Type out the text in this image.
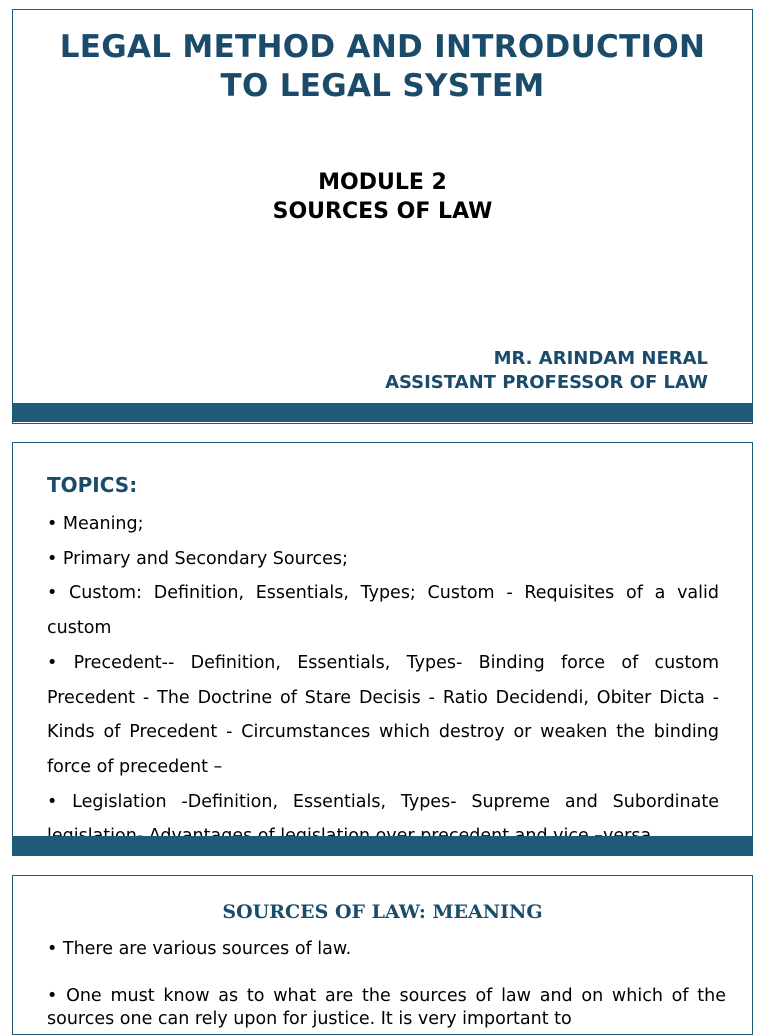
LEGAL METHOD AND INTRODUCTION
TO LEGAL SYSTEM
MODULE 2
SOURCES OF LAW
MR. ARINDAM NERAL
ASSISTANT PROFESSOR OF LAW
TOPICS:

• Meaning;

• Primary and Secondary Sources;

• Custom: Definition, Essentials, Types; Custom - Requisites of a valid custom

• Precedent-- Definition, Essentials, Types- Binding force of custom Precedent - The Doctrine of Stare Decisis - Ratio Decidendi, Obiter Dicta - Kinds of Precedent - Circumstances which destroy or weaken the binding force of precedent –

• Legislation -Definition, Essentials, Types- Supreme and Subordinate

SOURCES OF LAW: MEANING

• There are various sources of law.

• One must know as to what are the sources of law and on which of the sources one can rely upon for justice. It is very important to
